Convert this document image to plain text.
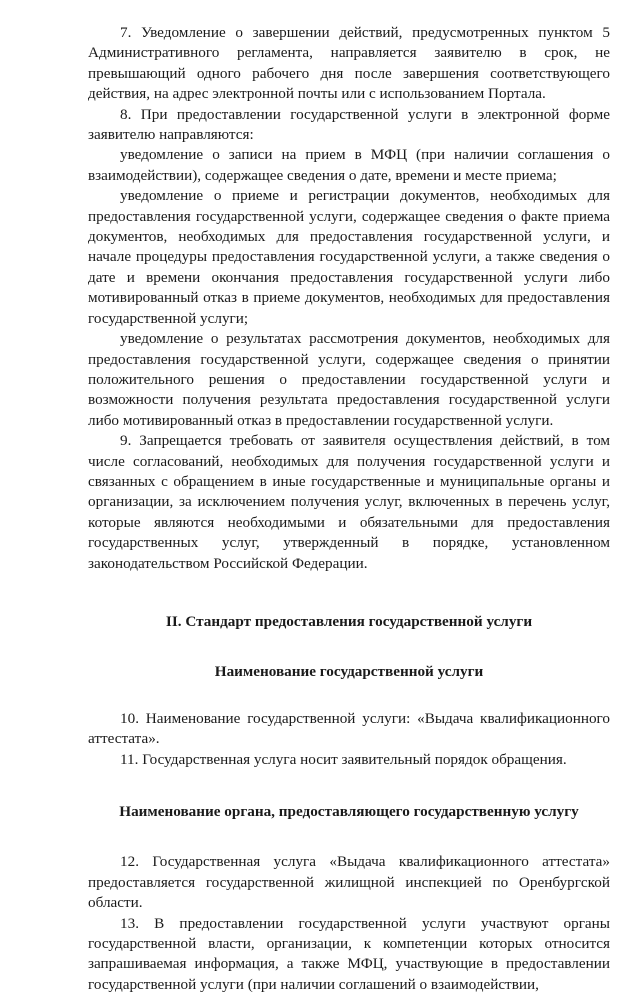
7. Уведомление о завершении действий, предусмотренных пунктом 5 Административного регламента, направляется заявителю в срок, не превышающий одного рабочего дня после завершения соответствующего действия, на адрес электронной почты или с использованием Портала.

8. При предоставлении государственной услуги в электронной форме заявителю направляются:

уведомление о записи на прием в МФЦ (при наличии соглашения о взаимодействии), содержащее сведения о дате, времени и месте приема;

уведомление о приеме и регистрации документов, необходимых для предоставления государственной услуги, содержащее сведения о факте приема документов, необходимых для предоставления государственной услуги, и начале процедуры предоставления государственной услуги, а также сведения о дате и времени окончания предоставления государственной услуги либо мотивированный отказ в приеме документов, необходимых для предоставления государственной услуги;

уведомление о результатах рассмотрения документов, необходимых для предоставления государственной услуги, содержащее сведения о принятии положительного решения о предоставлении государственной услуги и возможности получения результата предоставления государственной услуги либо мотивированный отказ в предоставлении государственной услуги.

9. Запрещается требовать от заявителя осуществления действий, в том числе согласований, необходимых для получения государственной услуги и связанных с обращением в иные государственные и муниципальные органы и организации, за исключением получения услуг, включенных в перечень услуг, которые являются необходимыми и обязательными для предоставления государственных услуг, утвержденный в порядке, установленном законодательством Российской Федерации.

II. Стандарт предоставления государственной услуги

Наименование государственной услуги

10. Наименование государственной услуги: «Выдача квалификационного аттестата».

11. Государственная услуга носит заявительный порядок обращения.

Наименование органа, предоставляющего государственную услугу

12. Государственная услуга «Выдача квалификационного аттестата» предоставляется государственной жилищной инспекцией по Оренбургской области.

13. В предоставлении государственной услуги участвуют органы государственной власти, организации, к компетенции которых относится запрашиваемая информация, а также МФЦ, участвующие в предоставлении государственной услуги (при наличии соглашений о взаимодействии,
